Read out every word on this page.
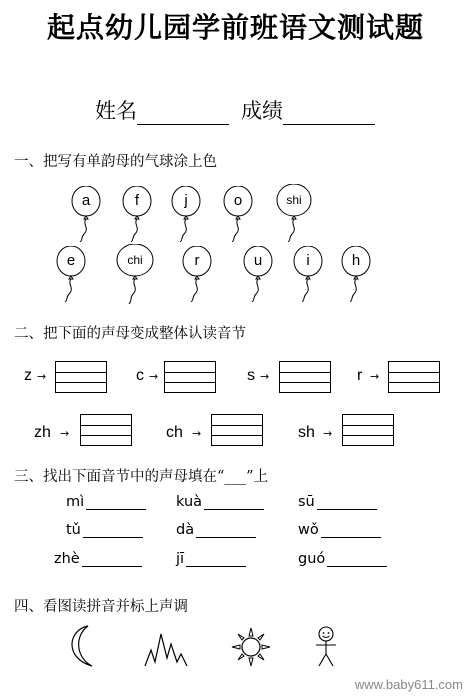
起点幼儿园学前班语文测试题
姓名	成绩
一、把写有单韵母的气球涂上色
a	f	j	o	shi
e	chi	r	u	i	h
二、把下面的声母变成整体认读音节
z →	c →	s →	r →
zh →	ch →	sh →
三、找出下面音节中的声母填在“___”上
mì	kuà	sū
tǔ	dà	wǒ
zhè	jī	guó
四、看图读拼音并标上声调
www.baby611.com
